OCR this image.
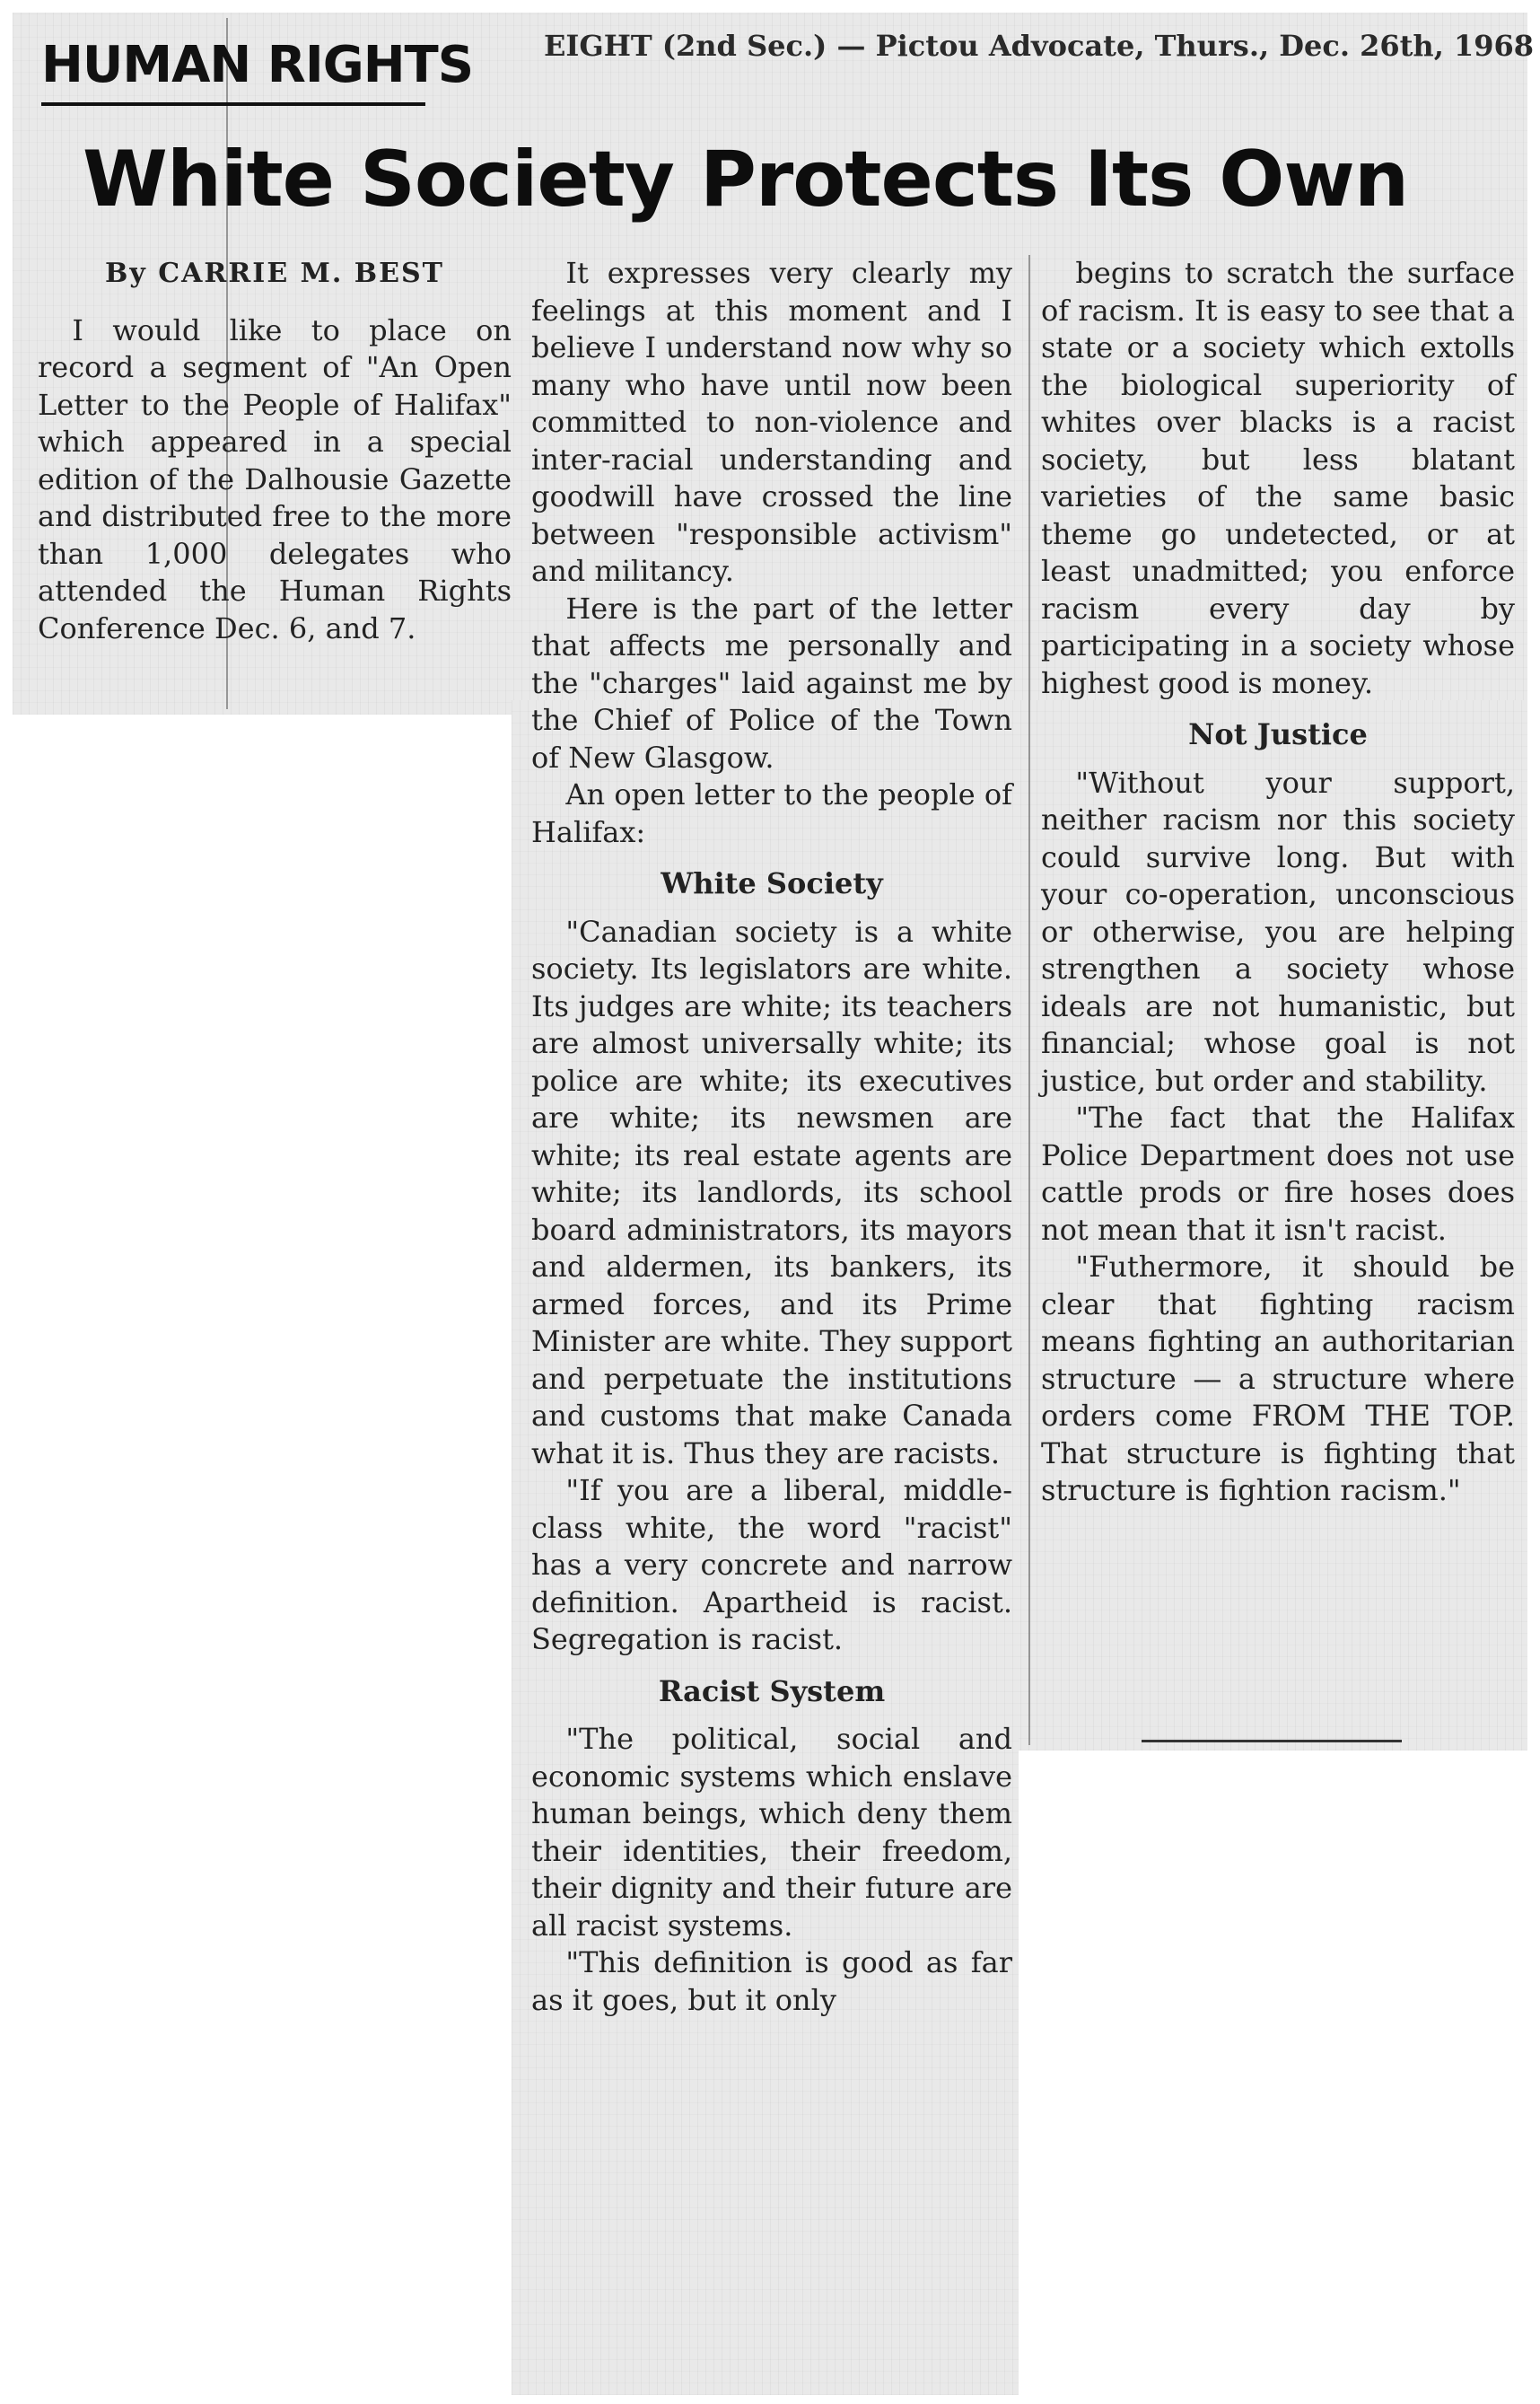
HUMAN RIGHTS EIGHT (2nd Sec.) — Pictou Advocate, Thurs., Dec. 26th, 1968
White Society Protects Its Own

By CARRIE M. BEST

I would like to place on record a segment of "An Open Letter to the People of Halifax" which appeared in a special edition of the Dalhousie Gazette and distributed free to the more than 1,000 delegates who attended the Human Rights Conference Dec. 6, and 7.

It expresses very clearly my feelings at this moment and I believe I understand now why so many who have until now been committed to non-violence and inter-racial understanding and goodwill have crossed the line between "responsible activism" and militancy.

Here is the part of the letter that affects me personally and the "charges" laid against me by the Chief of Police of the Town of New Glasgow.

An open letter to the people of Halifax:

White Society

"Canadian society is a white society. Its legislators are white. Its judges are white; its teachers are almost universally white; its police are white; its executives are white; its newsmen are white; its real estate agents are white; its landlords, its school board administrators, its mayors and aldermen, its bankers, its armed forces, and its Prime Minister are white. They support and perpetuate the institutions and customs that make Canada what it is. Thus they are racists.

"If you are a liberal, middle-class white, the word "racist" has a very concrete and narrow definition. Apartheid is racist. Segregation is racist.

Racist System

"The political, social and economic systems which enslave human beings, which deny them their identities, their freedom, their dignity and their future are all racist systems.

"This definition is good as far as it goes, but it only

begins to scratch the surface of racism. It is easy to see that a state or a society which extolls the biological superiority of whites over blacks is a racist society, but less blatant varieties of the same basic theme go undetected, or at least unadmitted; you enforce racism every day by participating in a society whose highest good is money.

Not Justice

"Without your support, neither racism nor this society could survive long. But with your co-operation, unconscious or otherwise, you are helping strengthen a society whose ideals are not humanistic, but financial; whose goal is not justice, but order and stability.

"The fact that the Halifax Police Department does not use cattle prods or fire hoses does not mean that it isn't racist.

"Futhermore, it should be clear that fighting racism means fighting an authoritarian structure — a structure where orders come FROM THE TOP. That structure is fighting that structure is fightion racism."
